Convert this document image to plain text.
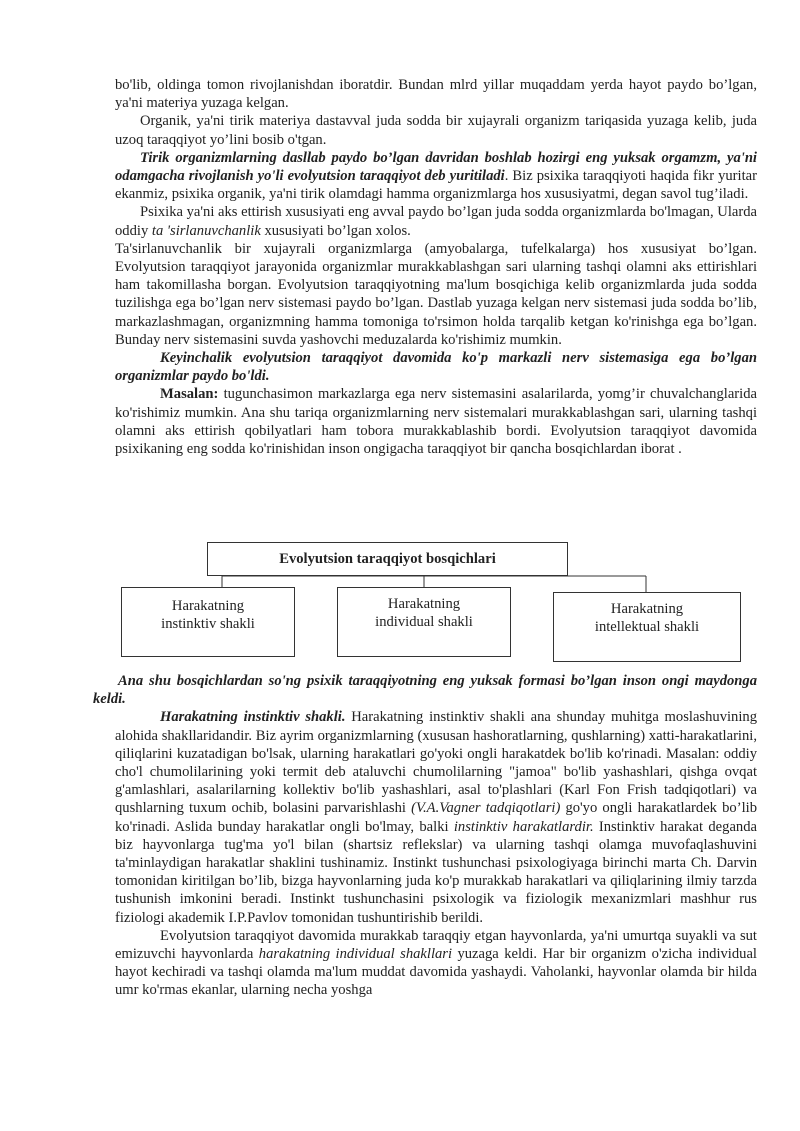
bo'lib, oldinga tomon rivojlanishdan iboratdir. Bundan mlrd yillar muqaddam yerda hayot paydo bo’lgan, ya'ni materiya yuzaga kelgan.

Organik, ya'ni tirik materiya dastavval juda sodda bir xujayrali organizm tariqasida yuzaga kelib, juda uzoq taraqqiyot yo’lini bosib o'tgan.

Tirik organizmlarning dasllab paydo bo’lgan davridan boshlab hozirgi eng yuksak orgamzm, ya'ni odamgacha rivojlanish yo'li evolyutsion taraqqiyot deb yuritiladi. Biz psixika taraqqiyoti haqida fikr yuritar ekanmiz, psixika organik, ya'ni tirik olamdagi hamma organizmlarga hos xususiyatmi, degan savol tug’iladi.

Psixika ya'ni aks ettirish xususiyati eng avval paydo bo’lgan juda sodda organizmlarda bo'lmagan, Ularda oddiy ta 'sirlanuvchanlik xususiyati bo’lgan xolos.

Ta'sirlanuvchanlik bir xujayrali organizmlarga (amyobalarga, tufelkalarga) hos xususiyat bo’lgan. Evolyutsion taraqqiyot jarayonida organizmlar murakkablashgan sari ularning tashqi olamni aks ettirishlari ham takomillasha borgan. Evolyutsion taraqqiyotning ma'lum bosqichiga kelib organizmlarda juda sodda tuzilishga ega bo’lgan nerv sistemasi paydo bo’lgan. Dastlab yuzaga kelgan nerv sistemasi juda sodda bo’lib, markazlashmagan, organizmning hamma tomoniga to'rsimon holda tarqalib ketgan ko'rinishga ega bo’lgan. Bunday nerv sistemasini suvda yashovchi meduzalarda ko'rishimiz mumkin.

Keyinchalik evolyutsion taraqqiyot davomida ko'p markazli nerv sistemasiga ega bo’lgan organizmlar paydo bo'ldi.

Masalan: tugunchasimon markazlarga ega nerv sistemasini asalarilarda, yomg’ir chuvalchanglarida ko'rishimiz mumkin. Ana shu tariqa organizmlarning nerv sistemalari murakkablashgan sari, ularning tashqi olamni aks ettirish qobilyatlari ham tobora murakkablashib bordi. Evolyutsion taraqqiyot davomida psixikaning eng sodda ko'rinishidan inson ongigacha taraqqiyot bir qancha bosqichlardan iborat .

Evolyutsion taraqqiyot bosqichlari
Harakatning
instinktiv shakli
Harakatning
individual shakli
Harakatning
intellektual shakli

Ana shu bosqichlardan so'ng psixik taraqqiyotning eng yuksak formasi bo’lgan inson ongi maydonga keldi.

Harakatning instinktiv shakli. Harakatning instinktiv shakli ana shunday muhitga moslashuvining alohida shakllaridandir. Biz ayrim organizmlarning (xususan hashoratlarning, qushlarning) xatti-harakatlarini, qiliqlarini kuzatadigan bo'lsak, ularning harakatlari go'yoki ongli harakatdek bo'lib ko'rinadi. Masalan: oddiy cho'l chumolilarining yoki termit deb ataluvchi chumolilarning "jamoa" bo'lib yashashlari, qishga ovqat g'amlashlari, asalarilarning kollektiv bo'lib yashashlari, asal to'plashlari (Karl Fon Frish tadqiqotlari) va qushlarning tuxum ochib, bolasini parvarishlashi (V.A.Vagner tadqiqotlari) go'yo ongli harakatlardek bo’lib ko'rinadi. Aslida bunday harakatlar ongli bo'lmay, balki instinktiv harakatlardir. Instinktiv harakat deganda biz hayvonlarga tug'ma yo'l bilan (shartsiz reflekslar) va ularning tashqi olamga muvofaqlashuvini ta'minlaydigan harakatlar shaklini tushinamiz. Instinkt tushunchasi psixologiyaga birinchi marta Ch. Darvin tomonidan kiritilgan bo’lib, bizga hayvonlarning juda ko'p murakkab harakatlari va qiliqlarining ilmiy tarzda tushunish imkonini beradi. Instinkt tushunchasini psixologik va fiziologik mexanizmlari mashhur rus fiziologi akademik I.P.Pavlov tomonidan tushuntirishib berildi.

Evolyutsion taraqqiyot davomida murakkab taraqqiy etgan hayvonlarda, ya'ni umurtqa suyakli va sut emizuvchi hayvonlarda harakatning individual shakllari yuzaga keldi. Har bir organizm o'zicha individual hayot kechiradi va tashqi olamda ma'lum muddat davomida yashaydi. Vaholanki, hayvonlar olamda bir hilda umr ko'rmas ekanlar, ularning necha yoshga
